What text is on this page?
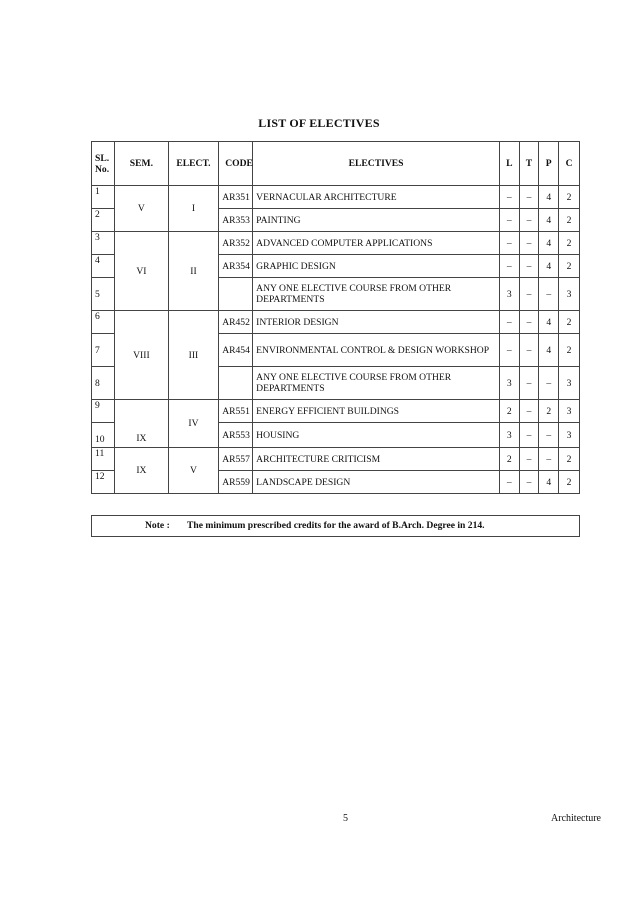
LIST OF ELECTIVES
SL. No.	SEM.	ELECT.	CODE	ELECTIVES	L	T	P	C
1	V	I	AR351	VERNACULAR ARCHITECTURE	–	–	4	2
2			AR353	PAINTING	–	–	4	2
3	VI	II	AR352	ADVANCED COMPUTER APPLICATIONS	–	–	4	2
4			AR354	GRAPHIC DESIGN	–	–	4	2
5				ANY ONE ELECTIVE COURSE FROM OTHER DEPARTMENTS	3	–	–	3
6	VIII	III	AR452	INTERIOR DESIGN	–	–	4	2
7			AR454	ENVIRONMENTAL CONTROL & DESIGN WORKSHOP	–	–	4	2
8				ANY ONE ELECTIVE COURSE FROM OTHER DEPARTMENTS	3	–	–	3
9	IX	IV	AR551	ENERGY EFFICIENT BUILDINGS	2	–	2	3
10			AR553	HOUSING	3	–	–	3
11	IX	V	AR557	ARCHITECTURE CRITICISM	2	–	–	2
12			AR559	LANDSCAPE DESIGN	–	–	4	2
Note : The minimum prescribed credits for the award of B.Arch. Degree in 214.
5	Architecture
